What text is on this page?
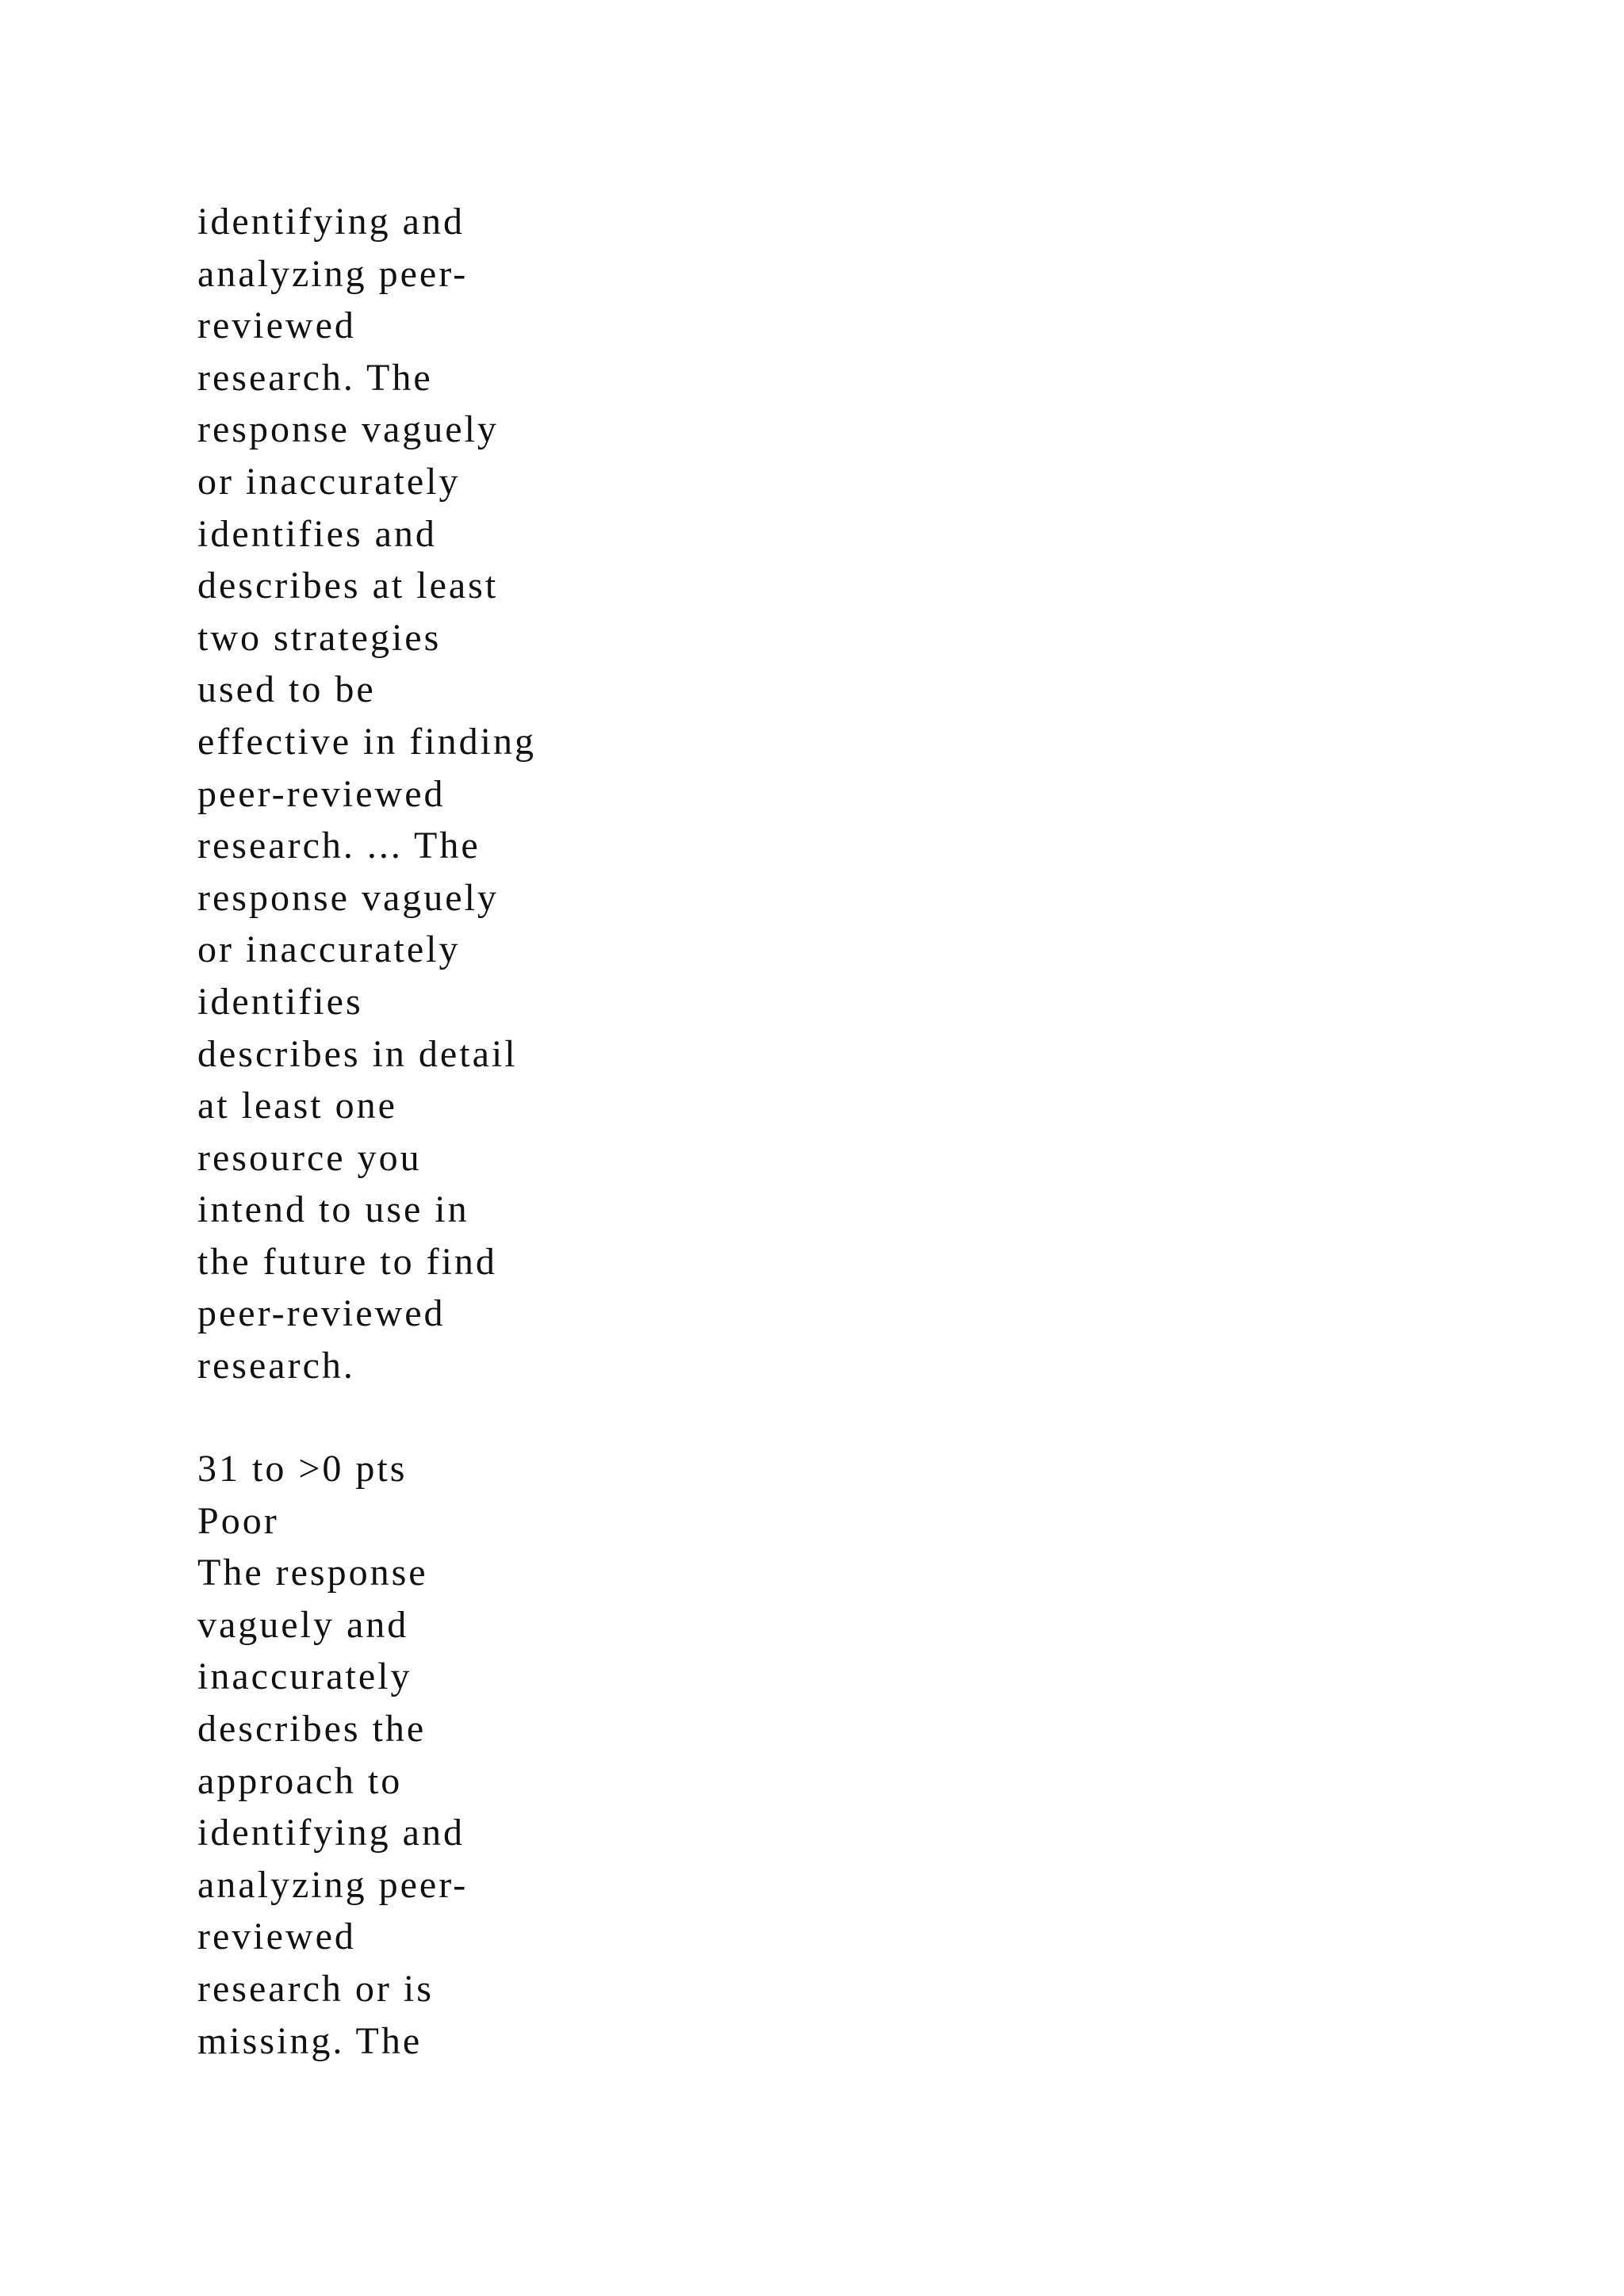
identifying and
analyzing peer-
reviewed
research. The
response vaguely
or inaccurately
identifies and
describes at least
two strategies
used to be
effective in finding
peer-reviewed
research. ... The
response vaguely
or inaccurately
identifies
describes in detail
at least one
resource you
intend to use in
the future to find
peer-reviewed
research.

31 to >0 pts
Poor
The response
vaguely and
inaccurately
describes the
approach to
identifying and
analyzing peer-
reviewed
research or is
missing. The
